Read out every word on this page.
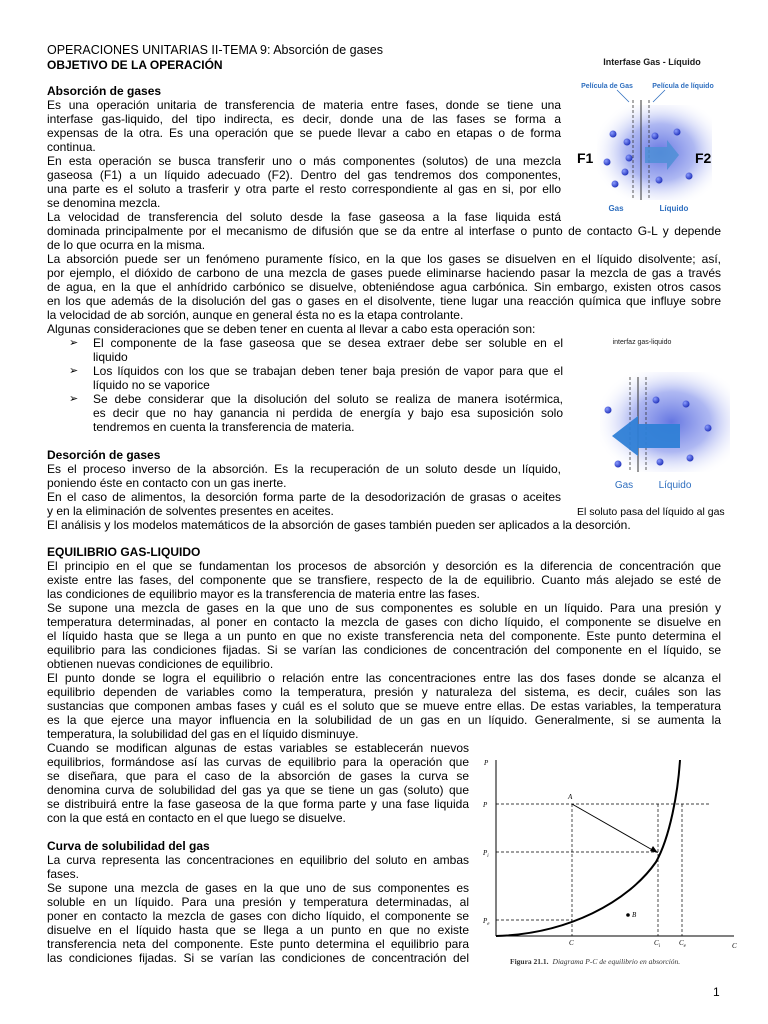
OPERACIONES UNITARIAS II-TEMA 9: Absorción de gases
OBJETIVO DE LA OPERACIÓN
Absorción de gases
Es una operación unitaria de transferencia de materia entre fases, donde se tiene una
interfase gas-liquido, del tipo indirecta, es decir, donde una de las fases se forma a
expensas de la otra. Es una operación que se puede llevar a cabo en etapas o de forma
continua.
En esta operación se busca transferir uno o más componentes (solutos) de una mezcla
gaseosa (F1) a un líquido adecuado (F2). Dentro del gas tendremos dos componentes,
una parte es el soluto a trasferir y otra parte el resto correspondiente al gas en si, por ello
se denomina mezcla.
La velocidad de transferencia del soluto desde la fase gaseosa a la fase liquida está
dominada principalmente por el mecanismo de difusión que se da entre al interfase o punto de contacto G-L y depende
de lo que ocurra en la misma.
La absorción puede ser un fenómeno puramente físico, en la que los gases se disuelven en el líquido disolvente; así,
por ejemplo, el dióxido de carbono de una mezcla de gases puede eliminarse haciendo pasar la mezcla de gas a través
de agua, en la que el anhídrido carbónico se disuelve, obteniéndose agua carbónica. Sin embargo, existen otros casos
en los que además de la disolución del gas o gases en el disolvente, tiene lugar una reacción química que influye sobre
la velocidad de ab sorción, aunque en general ésta no es la etapa controlante.
Algunas consideraciones que se deben tener en cuenta al llevar a cabo esta operación son:
➢ El componente de la fase gaseosa que se desea extraer debe ser soluble en el
liquido
➢ Los líquidos con los que se trabajan deben tener baja presión de vapor para que el
líquido no se vaporice
➢ Se debe considerar que la disolución del soluto se realiza de manera isotérmica,
es decir que no hay ganancia ni perdida de energía y bajo esa suposición solo
tendremos en cuenta la transferencia de materia.
Desorción de gases
Es el proceso inverso de la absorción. Es la recuperación de un soluto desde un líquido,
poniendo éste en contacto con un gas inerte.
En el caso de alimentos, la desorción forma parte de la desodorización de grasas o aceites
y en la eliminación de solventes presentes en aceites.
El análisis y los modelos matemáticos de la absorción de gases también pueden ser aplicados a la desorción.
EQUILIBRIO GAS-LIQUIDO
El principio en el que se fundamentan los procesos de absorción y desorción es la diferencia de concentración que
existe entre las fases, del componente que se transfiere, respecto de la de equilibrio. Cuanto más alejado se esté de
las condiciones de equilibrio mayor es la transferencia de materia entre las fases.
Se supone una mezcla de gases en la que uno de sus componentes es soluble en un líquido. Para una presión y
temperatura determinadas, al poner en contacto la mezcla de gases con dicho líquido, el componente se disuelve en
el líquido hasta que se llega a un punto en que no existe transferencia neta del componente. Este punto determina el
equilibrio para las condiciones fijadas. Si se varían las condiciones de concentración del componente en el líquido, se
obtienen nuevas condiciones de equilibrio.
El punto donde se logra el equilibrio o relación entre las concentraciones entre las dos fases donde se alcanza el
equilibrio dependen de variables como la temperatura, presión y naturaleza del sistema, es decir, cuáles son las
sustancias que componen ambas fases y cuál es el soluto que se mueve entre ellas. De estas variables, la temperatura
es la que ejerce una mayor influencia en la solubilidad de un gas en un líquido. Generalmente, si se aumenta la
temperatura, la solubilidad del gas en el líquido disminuye.
Cuando se modifican algunas de estas variables se establecerán nuevos
equilibrios, formándose así las curvas de equilibrio para la operación que
se diseñara, que para el caso de la absorción de gases la curva se
denomina curva de solubilidad del gas ya que se tiene un gas (soluto) que
se distribuirá entre la fase gaseosa de la que forma parte y una fase liquida
con la que está en contacto en el que luego se disuelve.
Curva de solubilidad del gas
La curva representa las concentraciones en equilibrio del soluto en ambas
fases.
Se supone una mezcla de gases en la que uno de sus componentes es
soluble en un líquido. Para una presión y temperatura determinadas, al
poner en contacto la mezcla de gases con dicho líquido, el componente se
disuelve en el líquido hasta que se llega a un punto en que no existe
transferencia neta del componente. Este punto determina el equilibrio para
las condiciones fijadas. Si se varían las condiciones de concentración del
Interfase Gas - Líquido
Película de Gas	Película de líquido
F1	F2
Gas	Líquido
interfaz gas-liquido
Gas	Líquido
El soluto pasa del líquido al gas
P
C
A
B
P
$P_i$
$P_e$
C	$C_i$	$C_e$
Figura 21.1. Diagrama P-C de equilibrio en absorción.
1
